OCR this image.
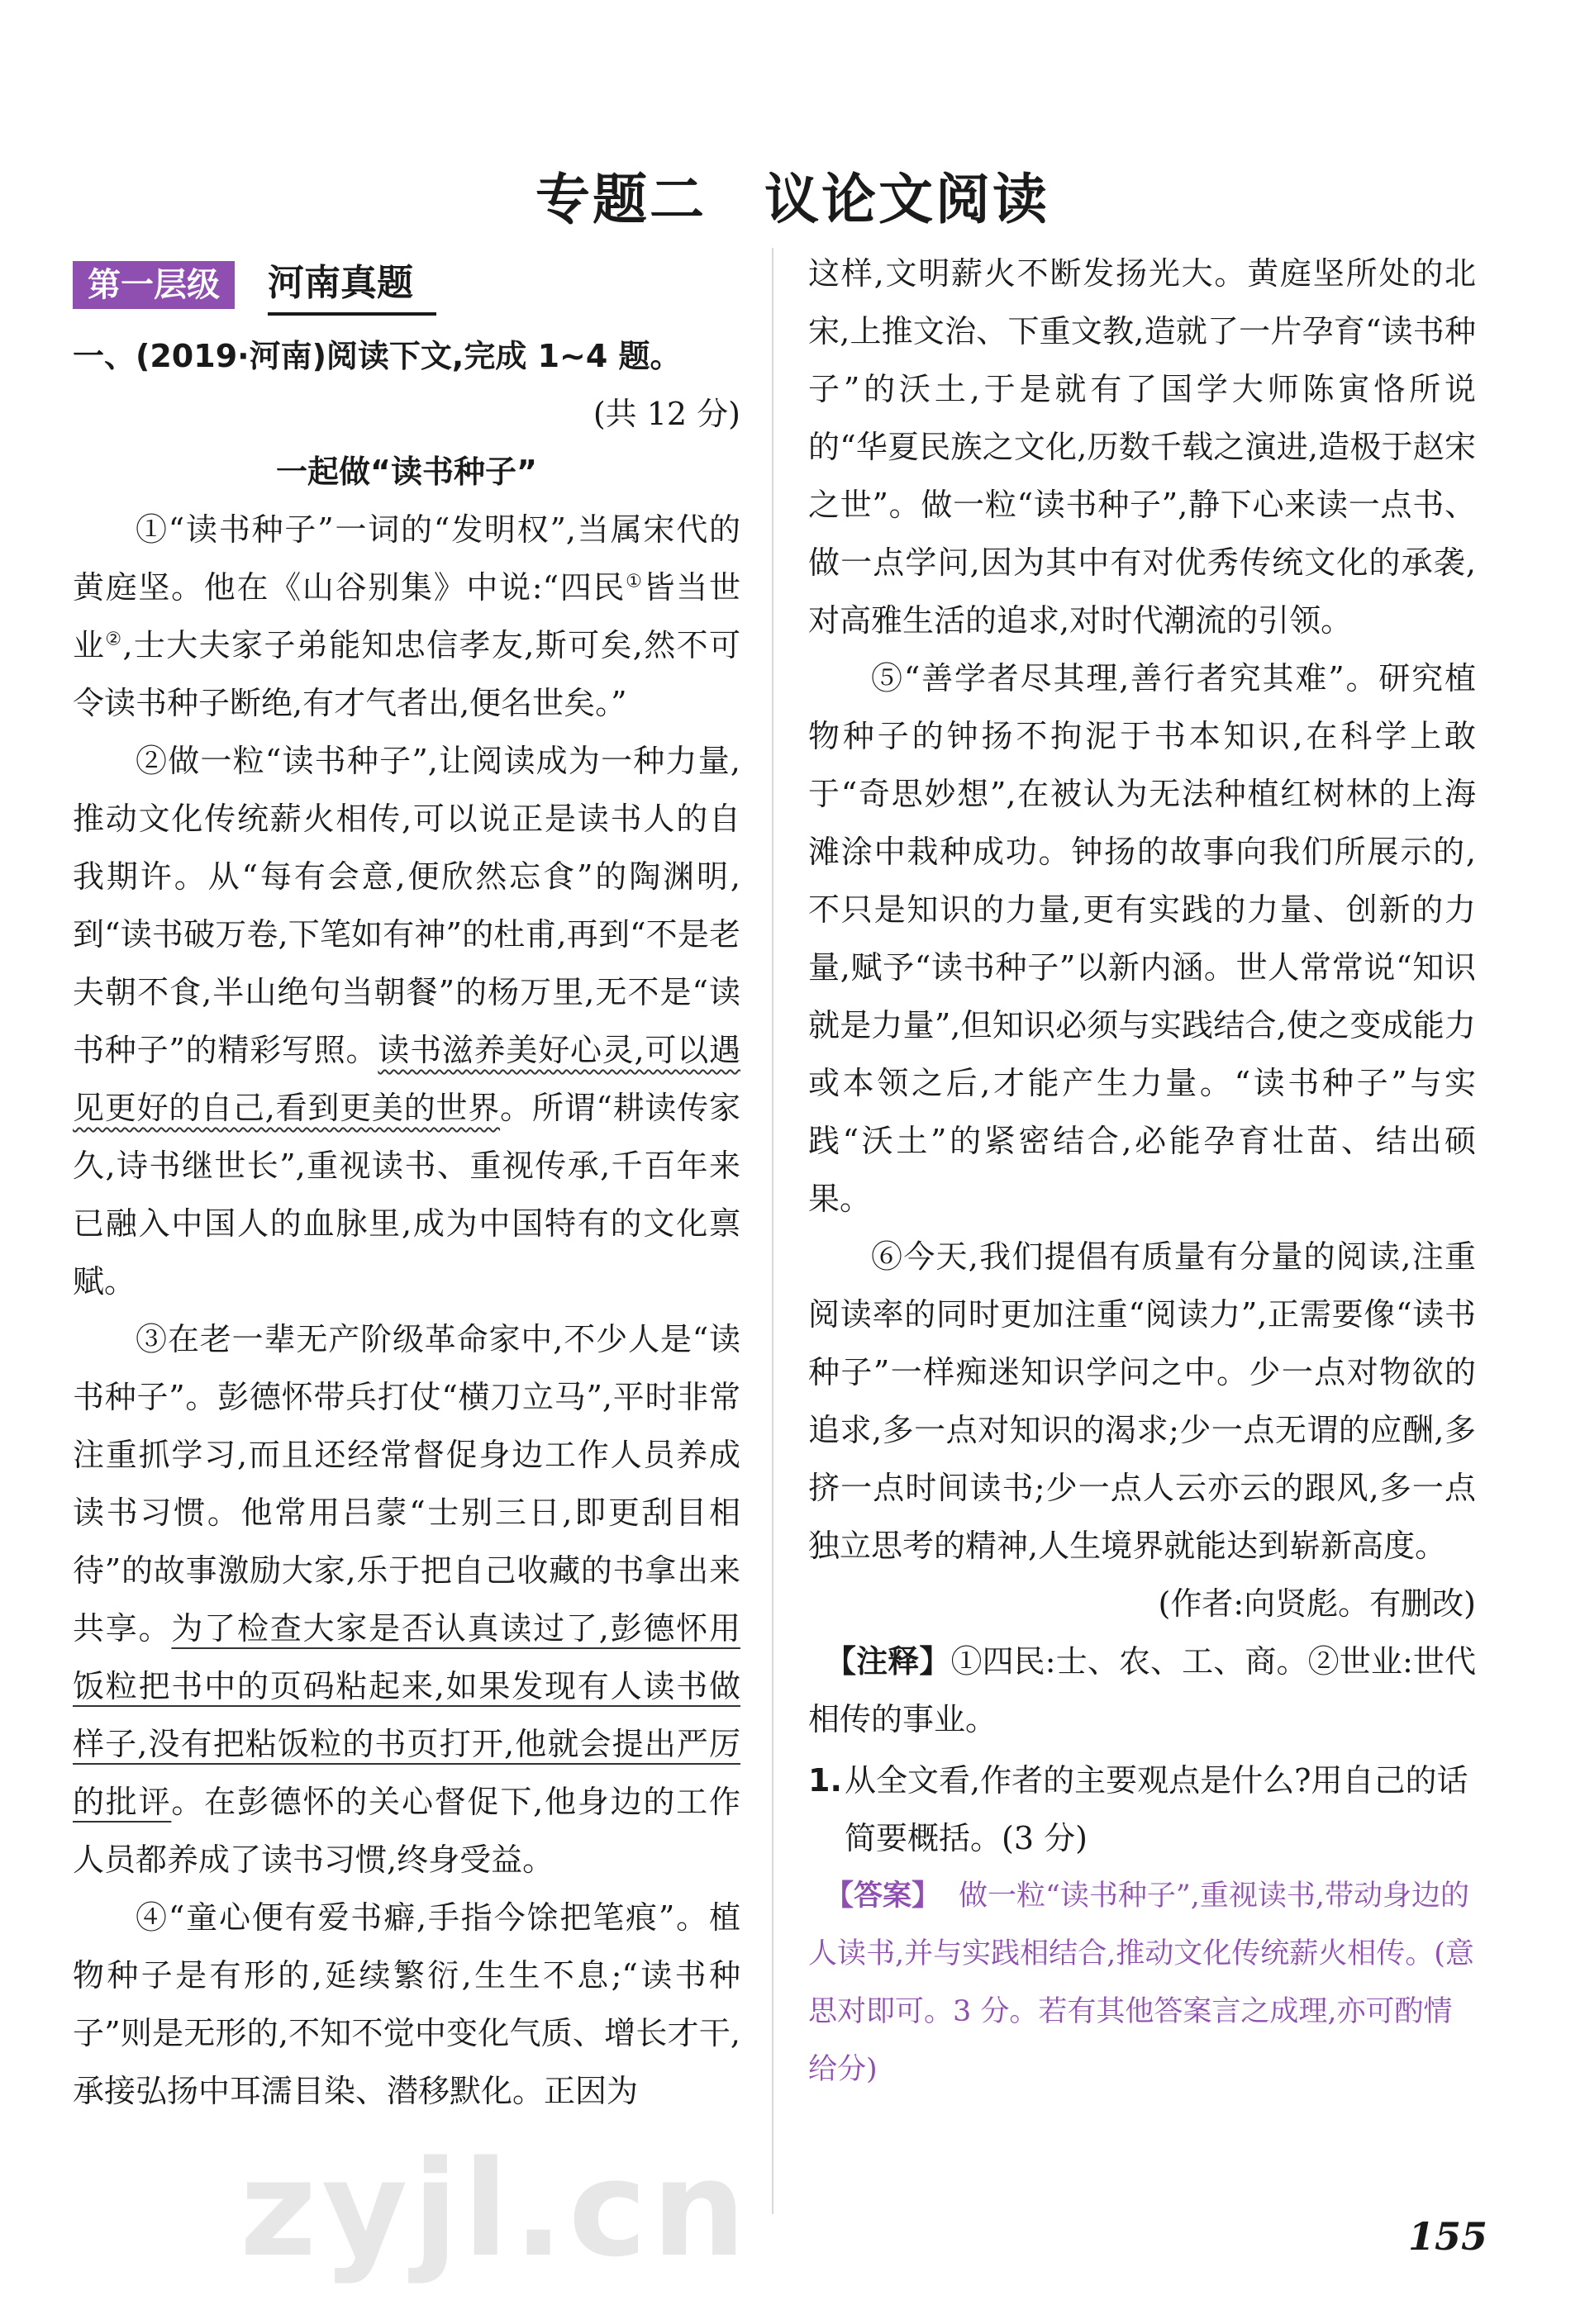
专题二 议论文阅读
第一层级	河南真题
一、(2019·河南)阅读下文,完成 1~4 题。
(共 12 分)
一起做“读书种子”

①“读书种子”一词的“发明权”,当属宋代的黄庭坚。他在《山谷别集》中说:“四民①皆当世业②,士大夫家子弟能知忠信孝友,斯可矣,然不可令读书种子断绝,有才气者出,便名世矣。”

②做一粒“读书种子”,让阅读成为一种力量,推动文化传统薪火相传,可以说正是读书人的自我期许。从“每有会意,便欣然忘食”的陶渊明,到“读书破万卷,下笔如有神”的杜甫,再到“不是老夫朝不食,半山绝句当朝餐”的杨万里,无不是“读书种子”的精彩写照。读书滋养美好心灵,可以遇见更好的自己,看到更美的世界。所谓“耕读传家久,诗书继世长”,重视读书、重视传承,千百年来已融入中国人的血脉里,成为中国特有的文化禀赋。

③在老一辈无产阶级革命家中,不少人是“读书种子”。彭德怀带兵打仗“横刀立马”,平时非常注重抓学习,而且还经常督促身边工作人员养成读书习惯。他常用吕蒙“士别三日,即更刮目相待”的故事激励大家,乐于把自己收藏的书拿出来共享。为了检查大家是否认真读过了,彭德怀用饭粒把书中的页码粘起来,如果发现有人读书做样子,没有把粘饭粒的书页打开,他就会提出严厉的批评。在彭德怀的关心督促下,他身边的工作人员都养成了读书习惯,终身受益。

④“童心便有爱书癖,手指今馀把笔痕”。植物种子是有形的,延续繁衍,生生不息;“读书种子”则是无形的,不知不觉中变化气质、增长才干,承接弘扬中耳濡目染、潜移默化。正因为

这样,文明薪火不断发扬光大。黄庭坚所处的北宋,上推文治、下重文教,造就了一片孕育“读书种子”的沃土,于是就有了国学大师陈寅恪所说的“华夏民族之文化,历数千载之演进,造极于赵宋之世”。做一粒“读书种子”,静下心来读一点书、做一点学问,因为其中有对优秀传统文化的承袭,对高雅生活的追求,对时代潮流的引领。

⑤“善学者尽其理,善行者究其难”。研究植物种子的钟扬不拘泥于书本知识,在科学上敢于“奇思妙想”,在被认为无法种植红树林的上海滩涂中栽种成功。钟扬的故事向我们所展示的,不只是知识的力量,更有实践的力量、创新的力量,赋予“读书种子”以新内涵。世人常常说“知识就是力量”,但知识必须与实践结合,使之变成能力或本领之后,才能产生力量。“读书种子”与实践“沃土”的紧密结合,必能孕育壮苗、结出硕果。

⑥今天,我们提倡有质量有分量的阅读,注重阅读率的同时更加注重“阅读力”,正需要像“读书种子”一样痴迷知识学问之中。少一点对物欲的追求,多一点对知识的渴求;少一点无谓的应酬,多挤一点时间读书;少一点人云亦云的跟风,多一点独立思考的精神,人生境界就能达到崭新高度。

(作者:向贤彪。有删改)

【注释】①四民:士、农、工、商。②世业:世代相传的事业。

1. 从全文看,作者的主要观点是什么?用自己的话简要概括。(3 分)

【答案】 做一粒“读书种子”,重视读书,带动身边的人读书,并与实践相结合,推动文化传统薪火相传。(意思对即可。3 分。若有其他答案言之成理,亦可酌情给分)

zyjl.cn	155
